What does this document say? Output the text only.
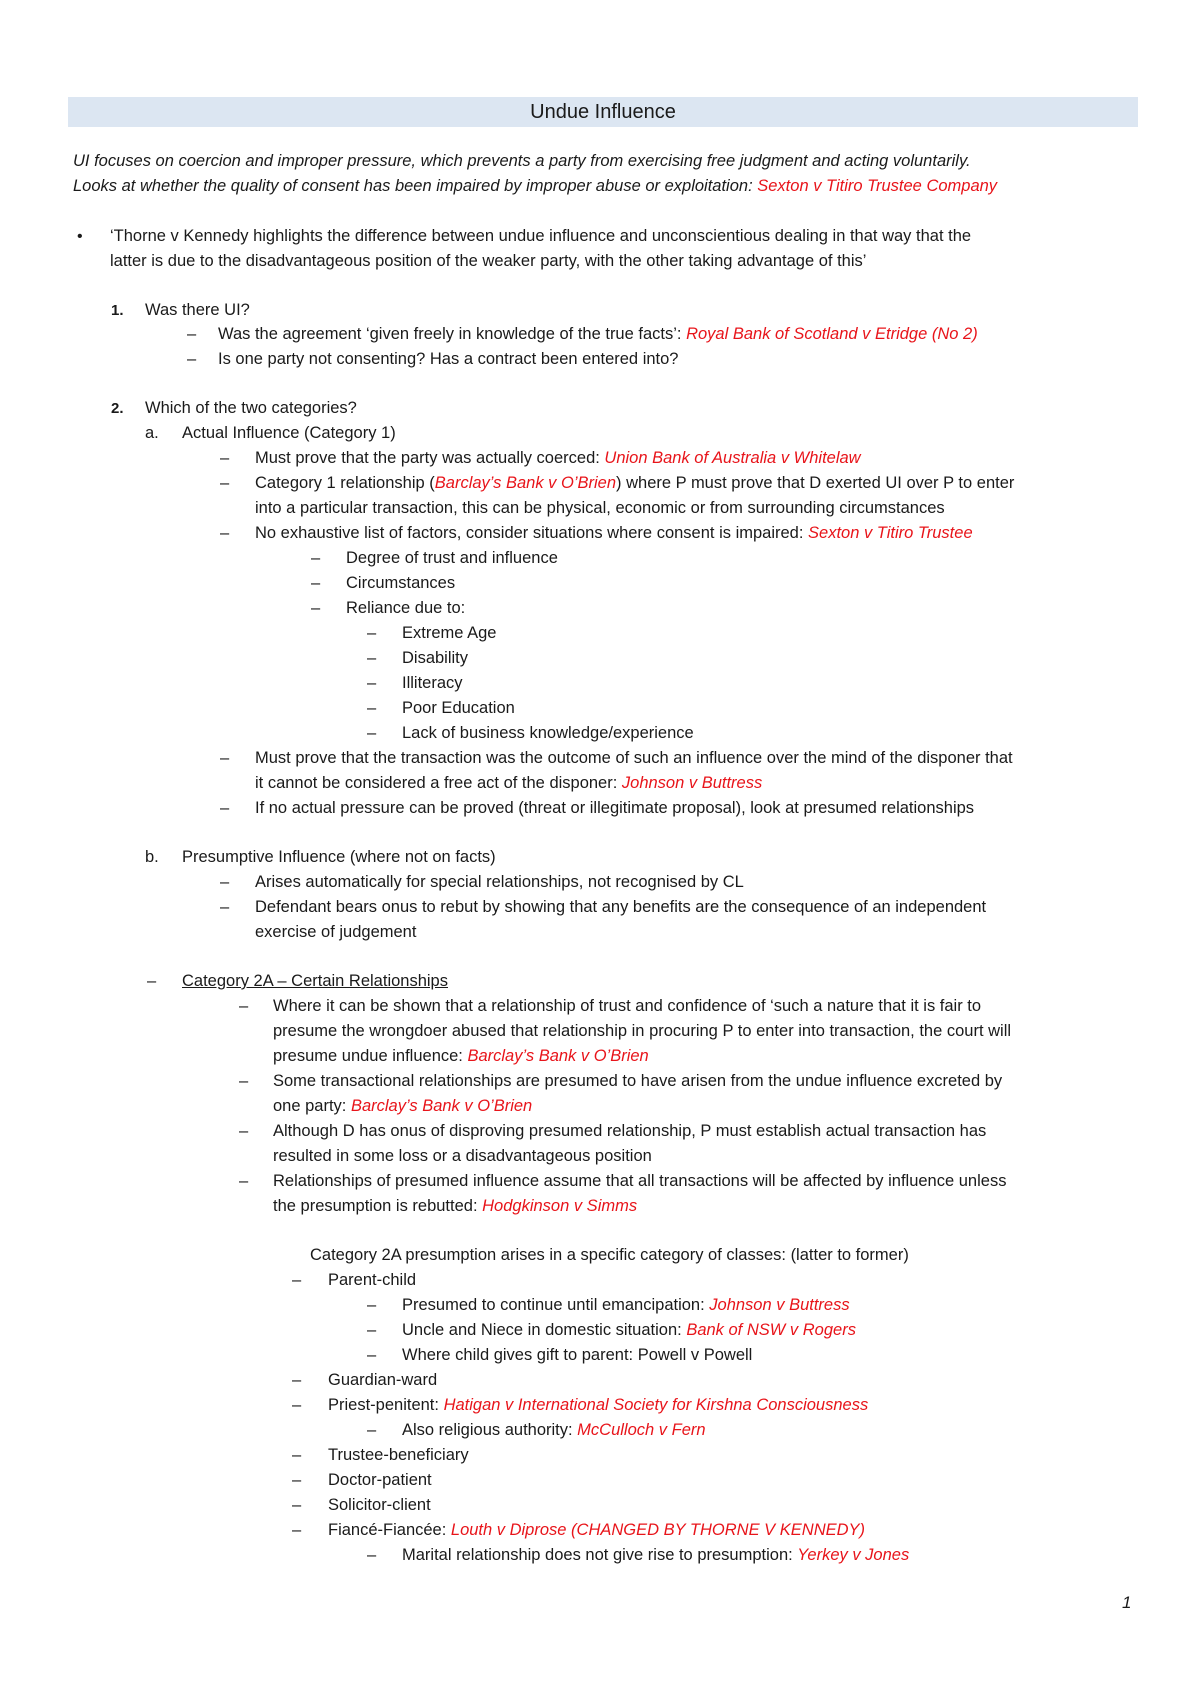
Undue Influence
UI focuses on coercion and improper pressure, which prevents a party from exercising free judgment and acting voluntarily.
Looks at whether the quality of consent has been impaired by improper abuse or exploitation: Sexton v Titiro Trustee Company
• ‘Thorne v Kennedy highlights the difference between undue influence and unconscientious dealing in that way that the
latter is due to the disadvantageous position of the weaker party, with the other taking advantage of this’
1. Was there UI?
– Was the agreement ‘given freely in knowledge of the true facts’: Royal Bank of Scotland v Etridge (No 2)
– Is one party not consenting? Has a contract been entered into?
2. Which of the two categories?
a. Actual Influence (Category 1)
– Must prove that the party was actually coerced: Union Bank of Australia v Whitelaw
– Category 1 relationship (Barclay’s Bank v O’Brien) where P must prove that D exerted UI over P to enter
into a particular transaction, this can be physical, economic or from surrounding circumstances
– No exhaustive list of factors, consider situations where consent is impaired: Sexton v Titiro Trustee
– Degree of trust and influence
– Circumstances
– Reliance due to:
– Extreme Age
– Disability
– Illiteracy
– Poor Education
– Lack of business knowledge/experience
– Must prove that the transaction was the outcome of such an influence over the mind of the disponer that
it cannot be considered a free act of the disponer: Johnson v Buttress
– If no actual pressure can be proved (threat or illegitimate proposal), look at presumed relationships
b. Presumptive Influence (where not on facts)
– Arises automatically for special relationships, not recognised by CL
– Defendant bears onus to rebut by showing that any benefits are the consequence of an independent
exercise of judgement
– Category 2A – Certain Relationships
– Where it can be shown that a relationship of trust and confidence of ‘such a nature that it is fair to
presume the wrongdoer abused that relationship in procuring P to enter into transaction, the court will
presume undue influence: Barclay’s Bank v O’Brien
– Some transactional relationships are presumed to have arisen from the undue influence excreted by
one party: Barclay’s Bank v O’Brien
– Although D has onus of disproving presumed relationship, P must establish actual transaction has
resulted in some loss or a disadvantageous position
– Relationships of presumed influence assume that all transactions will be affected by influence unless
the presumption is rebutted: Hodgkinson v Simms
Category 2A presumption arises in a specific category of classes: (latter to former)
– Parent-child
– Presumed to continue until emancipation: Johnson v Buttress
– Uncle and Niece in domestic situation: Bank of NSW v Rogers
– Where child gives gift to parent: Powell v Powell
– Guardian-ward
– Priest-penitent: Hatigan v International Society for Kirshna Consciousness
– Also religious authority: McCulloch v Fern
– Trustee-beneficiary
– Doctor-patient
– Solicitor-client
– Fiancé-Fiancée: Louth v Diprose (CHANGED BY THORNE V KENNEDY)
– Marital relationship does not give rise to presumption: Yerkey v Jones
1
